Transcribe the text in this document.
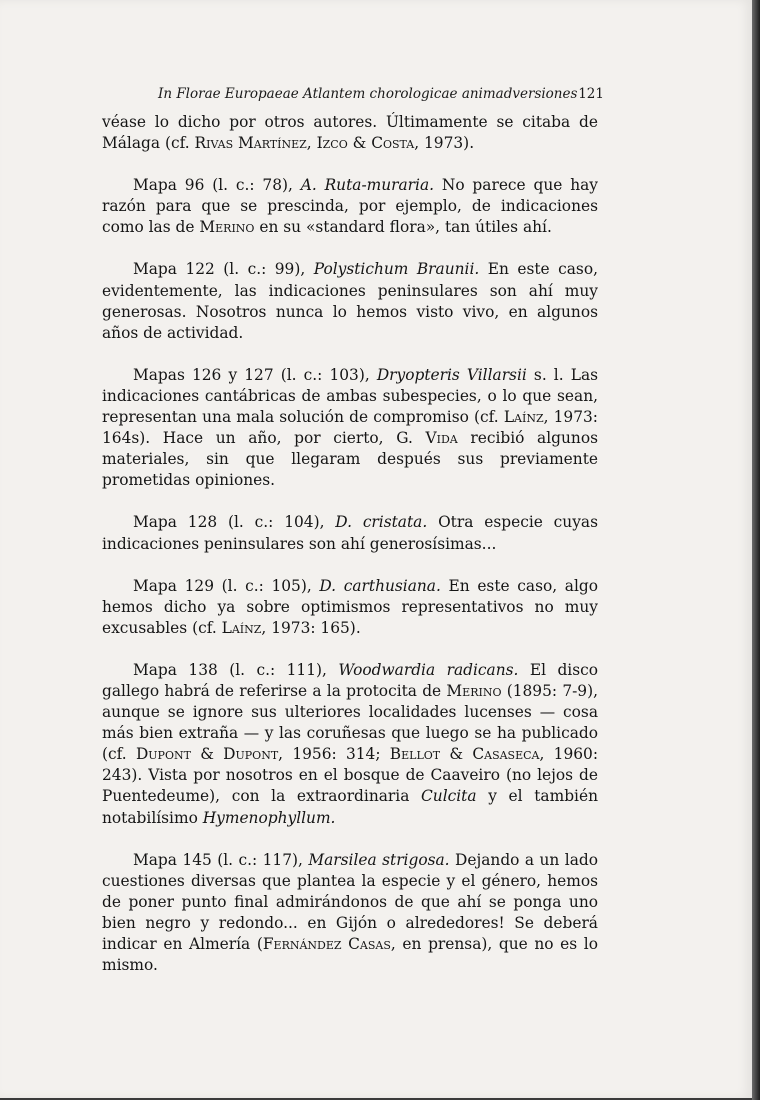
In Florae Europaeae Atlantem chorologicae animadversiones 121

véase lo dicho por otros autores. Últimamente se citaba de Málaga (cf. Rivas Martínez, Izco & Costa, 1973).

Mapa 96 (l. c.: 78), A. Ruta-muraria. No parece que hay razón para que se prescinda, por ejemplo, de indicaciones como las de Merino en su «standard flora», tan útiles ahí.

Mapa 122 (l. c.: 99), Polystichum Braunii. En este caso, evidentemente, las indicaciones peninsulares son ahí muy generosas. Nosotros nunca lo hemos visto vivo, en algunos años de actividad.

Mapas 126 y 127 (l. c.: 103), Dryopteris Villarsii s. l. Las indicaciones cantábricas de ambas subespecies, o lo que sean, representan una mala solución de compromiso (cf. Laínz, 1973: 164s). Hace un año, por cierto, G. Vida recibió algunos materiales, sin que llegaram después sus previamente prometidas opiniones.

Mapa 128 (l. c.: 104), D. cristata. Otra especie cuyas indicaciones peninsulares son ahí generosísimas...

Mapa 129 (l. c.: 105), D. carthusiana. En este caso, algo hemos dicho ya sobre optimismos representativos no muy excusables (cf. Laínz, 1973: 165).

Mapa 138 (l. c.: 111), Woodwardia radicans. El disco gallego habrá de referirse a la protocita de Merino (1895: 7-9), aunque se ignore sus ulteriores localidades lucenses — cosa más bien extraña — y las coruñesas que luego se ha publicado (cf. Dupont & Dupont, 1956: 314; Bellot & Casaseca, 1960: 243). Vista por nosotros en el bosque de Caaveiro (no lejos de Puentedeume), con la extraordinaria Culcita y el también notabilísimo Hymenophyllum.

Mapa 145 (l. c.: 117), Marsilea strigosa. Dejando a un lado cuestiones diversas que plantea la especie y el género, hemos de poner punto final admirándonos de que ahí se ponga uno bien negro y redondo... en Gijón o alrededores! Se deberá indicar en Almería (Fernández Casas, en prensa), que no es lo mismo.
